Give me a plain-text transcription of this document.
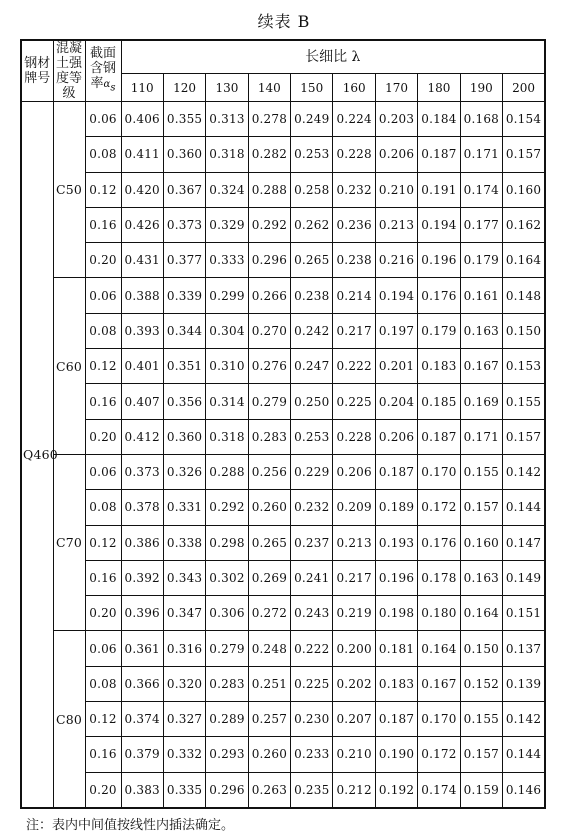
续表 B
钢材牌号	混凝土强度等级	截面含钢率$\alpha_s$	长细比 λ									
			110	120	130	140	150	160	170	180	190	200
Q460	C50	0.06	0.406	0.355	0.313	0.278	0.249	0.224	0.203	0.184	0.168	0.154
		0.08	0.411	0.360	0.318	0.282	0.253	0.228	0.206	0.187	0.171	0.157
		0.12	0.420	0.367	0.324	0.288	0.258	0.232	0.210	0.191	0.174	0.160
		0.16	0.426	0.373	0.329	0.292	0.262	0.236	0.213	0.194	0.177	0.162
		0.20	0.431	0.377	0.333	0.296	0.265	0.238	0.216	0.196	0.179	0.164
	C60	0.06	0.388	0.339	0.299	0.266	0.238	0.214	0.194	0.176	0.161	0.148
		0.08	0.393	0.344	0.304	0.270	0.242	0.217	0.197	0.179	0.163	0.150
		0.12	0.401	0.351	0.310	0.276	0.247	0.222	0.201	0.183	0.167	0.153
		0.16	0.407	0.356	0.314	0.279	0.250	0.225	0.204	0.185	0.169	0.155
		0.20	0.412	0.360	0.318	0.283	0.253	0.228	0.206	0.187	0.171	0.157
	C70	0.06	0.373	0.326	0.288	0.256	0.229	0.206	0.187	0.170	0.155	0.142
		0.08	0.378	0.331	0.292	0.260	0.232	0.209	0.189	0.172	0.157	0.144
		0.12	0.386	0.338	0.298	0.265	0.237	0.213	0.193	0.176	0.160	0.147
		0.16	0.392	0.343	0.302	0.269	0.241	0.217	0.196	0.178	0.163	0.149
		0.20	0.396	0.347	0.306	0.272	0.243	0.219	0.198	0.180	0.164	0.151
	C80	0.06	0.361	0.316	0.279	0.248	0.222	0.200	0.181	0.164	0.150	0.137
		0.08	0.366	0.320	0.283	0.251	0.225	0.202	0.183	0.167	0.152	0.139
		0.12	0.374	0.327	0.289	0.257	0.230	0.207	0.187	0.170	0.155	0.142
		0.16	0.379	0.332	0.293	0.260	0.233	0.210	0.190	0.172	0.157	0.144
		0.20	0.383	0.335	0.296	0.263	0.235	0.212	0.192	0.174	0.159	0.146
注：表内中间值按线性内插法确定。
